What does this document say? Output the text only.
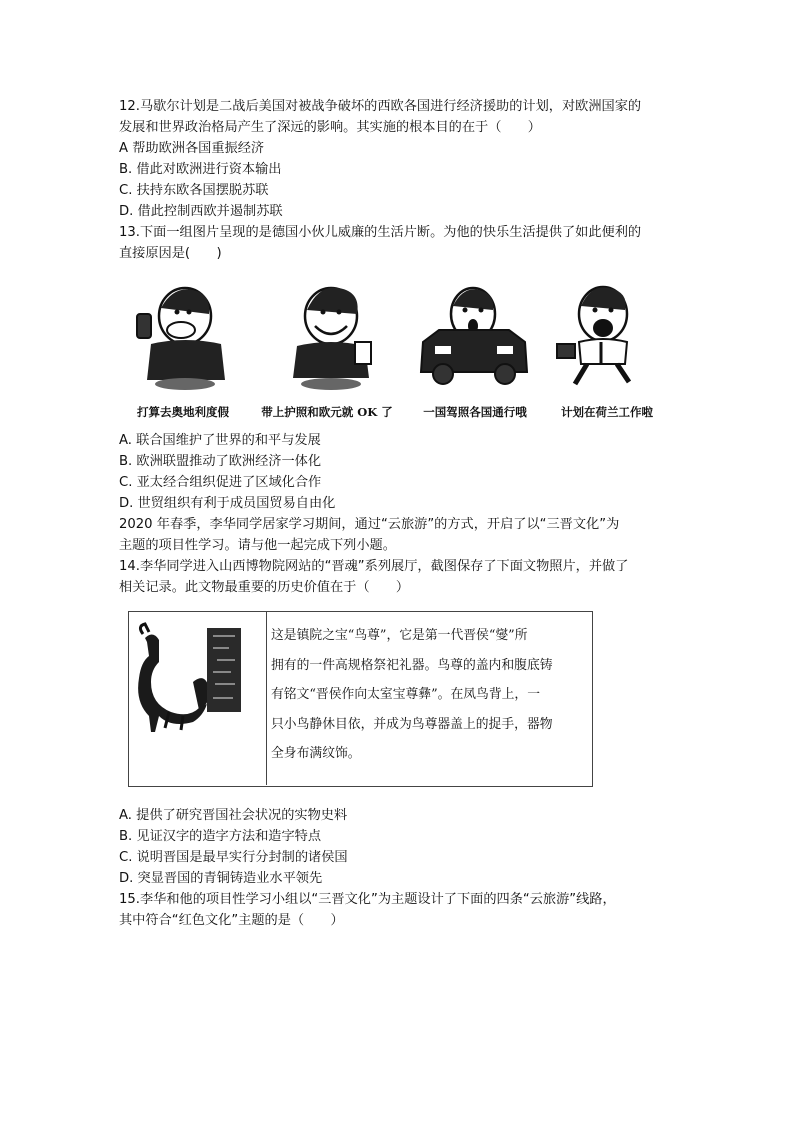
12.马歇尔计划是二战后美国对被战争破坏的西欧各国进行经济援助的计划，对欧洲国家的
发展和世界政治格局产生了深远的影响。其实施的根本目的在于（　　）
A 帮助欧洲各国重振经济
B. 借此对欧洲进行资本输出
C. 扶持东欧各国摆脱苏联
D. 借此控制西欧并遏制苏联
13.下面一组图片呈现的是德国小伙儿威廉的生活片断。为他的快乐生活提供了如此便利的
直接原因是(　　)
打算去奥地利度假	带上护照和欧元就 OK 了	一国驾照各国通行哦	计划在荷兰工作啦
A. 联合国维护了世界的和平与发展
B. 欧洲联盟推动了欧洲经济一体化
C. 亚太经合组织促进了区域化合作
D. 世贸组织有利于成员国贸易自由化
2020 年春季，李华同学居家学习期间，通过“云旅游”的方式，开启了以“三晋文化”为
主题的项目性学习。请与他一起完成下列小题。
14.李华同学进入山西博物院网站的“晋魂”系列展厅，截图保存了下面文物照片，并做了
相关记录。此文物最重要的历史价值在于（　　）
这是镇院之宝“鸟尊”，它是第一代晋侯“燮”所
拥有的一件高规格祭祀礼器。鸟尊的盖内和腹底铸
有铭文“晋侯作向太室宝尊彝”。在凤鸟背上，一
只小鸟静休目依，并成为鸟尊器盖上的捉手，器物
全身布满纹饰。
A. 提供了研究晋国社会状况的实物史料
B. 见证汉字的造字方法和造字特点
C. 说明晋国是最早实行分封制的诸侯国
D. 突显晋国的青铜铸造业水平领先
15.李华和他的项目性学习小组以“三晋文化”为主题设计了下面的四条“云旅游”线路，
其中符合“红色文化”主题的是（　　）
